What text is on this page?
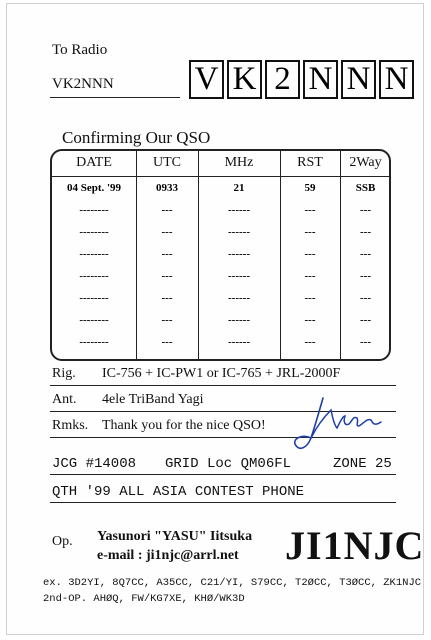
To Radio
VK2NNN V K 2 N N N
Confirming Our QSO
DATE	UTC	MHz	RST	2Way
04 Sept. '99	0933	21	59	SSB
--------	---	------	---	---
--------	---	------	---	---
--------	---	------	---	---
--------	---	------	---	---
--------	---	------	---	---
--------	---	------	---	---
--------	---	------	---	---
Rig. IC-756 + IC-PW1 or IC-765 + JRL-2000F
Ant. 4ele TriBand Yagi
Rmks. Thank you for the nice QSO!
JCG #14008 GRID Loc QM06FL	ZONE 25
QTH '99 ALL ASIA CONTEST PHONE
Op. Yasunori "YASU" Iitsuka
e-mail : ji1njc@arrl.net JI1NJC
ex. 3D2YI, 8Q7CC, A35CC, C21/YI, S79CC, T2ØCC, T3ØCC, ZK1NJC
2nd-OP. AHØQ, FW/KG7XE, KHØ/WK3D
